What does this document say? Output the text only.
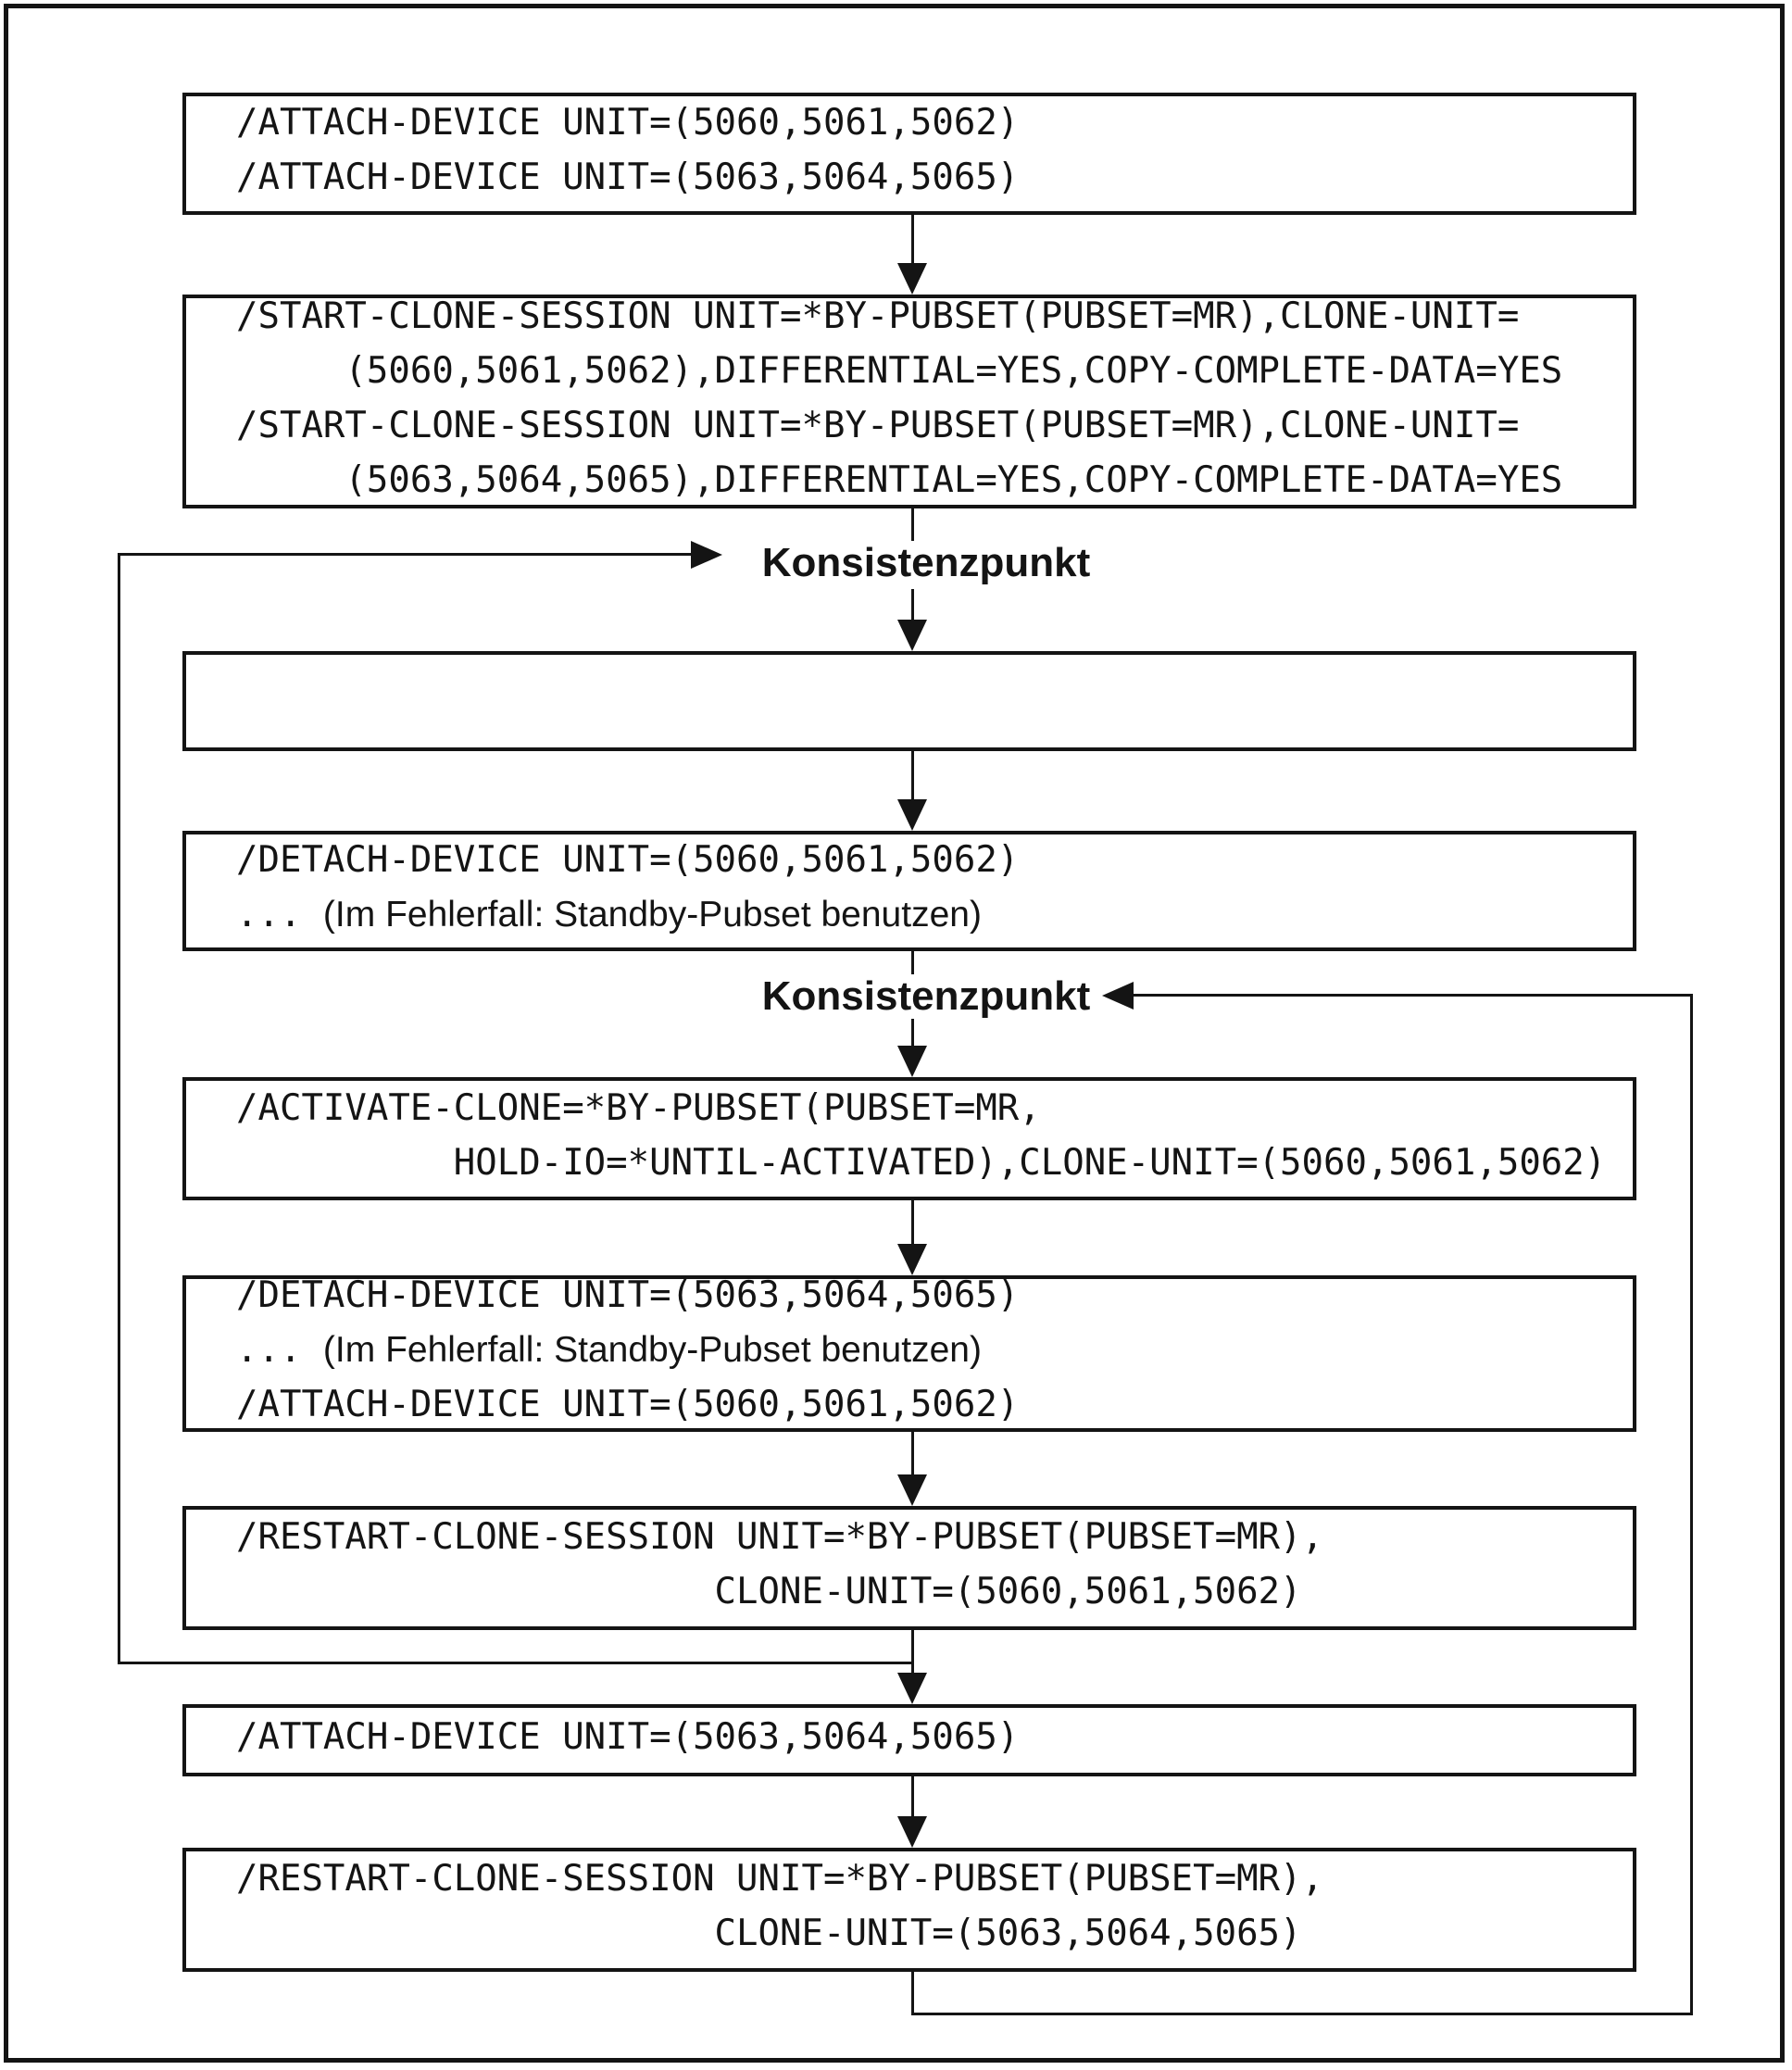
/ATTACH-DEVICE UNIT=(5060,5061,5062)
/ATTACH-DEVICE UNIT=(5063,5064,5065)
/START-CLONE-SESSION UNIT=*BY-PUBSET(PUBSET=MR),CLONE-UNIT=
(5060,5061,5062),DIFFERENTIAL=YES,COPY-COMPLETE-DATA=YES
/START-CLONE-SESSION UNIT=*BY-PUBSET(PUBSET=MR),CLONE-UNIT=
(5063,5064,5065),DIFFERENTIAL=YES,COPY-COMPLETE-DATA=YES
Konsistenzpunkt
/DETACH-DEVICE UNIT=(5060,5061,5062)
... (Im Fehlerfall: Standby-Pubset benutzen)
Konsistenzpunkt
/ACTIVATE-CLONE=*BY-PUBSET(PUBSET=MR,
HOLD-IO=*UNTIL-ACTIVATED),CLONE-UNIT=(5060,5061,5062)
/DETACH-DEVICE UNIT=(5063,5064,5065)
... (Im Fehlerfall: Standby-Pubset benutzen)
/ATTACH-DEVICE UNIT=(5060,5061,5062)
/RESTART-CLONE-SESSION UNIT=*BY-PUBSET(PUBSET=MR),
CLONE-UNIT=(5060,5061,5062)
/ATTACH-DEVICE UNIT=(5063,5064,5065)
/RESTART-CLONE-SESSION UNIT=*BY-PUBSET(PUBSET=MR),
CLONE-UNIT=(5063,5064,5065)
